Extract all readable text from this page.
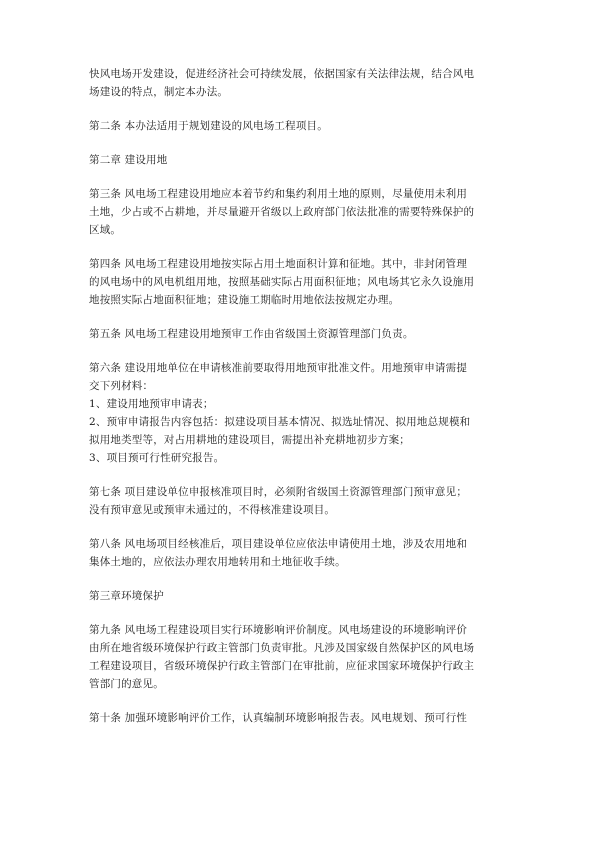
快风电场开发建设，促进经济社会可持续发展，依据国家有关法律法规，结合风电
场建设的特点，制定本办法。

第二条 本办法适用于规划建设的风电场工程项目。

第二章 建设用地

第三条 风电场工程建设用地应本着节约和集约利用土地的原则，尽量使用未利用
土地，少占或不占耕地，并尽量避开省级以上政府部门依法批准的需要特殊保护的
区域。

第四条 风电场工程建设用地按实际占用土地面积计算和征地。其中，非封闭管理
的风电场中的风电机组用地，按照基础实际占用面积征地；风电场其它永久设施用
地按照实际占地面积征地；建设施工期临时用地依法按规定办理。

第五条 风电场工程建设用地预审工作由省级国土资源管理部门负责。

第六条 建设用地单位在申请核准前要取得用地预审批准文件。用地预审申请需提
交下列材料：
1、建设用地预审申请表；
2、预审申请报告内容包括：拟建设项目基本情况、拟选址情况、拟用地总规模和
拟用地类型等，对占用耕地的建设项目，需提出补充耕地初步方案；
3、项目预可行性研究报告。

第七条 项目建设单位申报核准项目时，必须附省级国土资源管理部门预审意见；
没有预审意见或预审未通过的，不得核准建设项目。

第八条 风电场项目经核准后，项目建设单位应依法申请使用土地，涉及农用地和
集体土地的，应依法办理农用地转用和土地征收手续。

第三章环境保护

第九条 风电场工程建设项目实行环境影响评价制度。风电场建设的环境影响评价
由所在地省级环境保护行政主管部门负责审批。凡涉及国家级自然保护区的风电场
工程建设项目，省级环境保护行政主管部门在审批前，应征求国家环境保护行政主
管部门的意见。

第十条 加强环境影响评价工作，认真编制环境影响报告表。风电规划、预可行性
